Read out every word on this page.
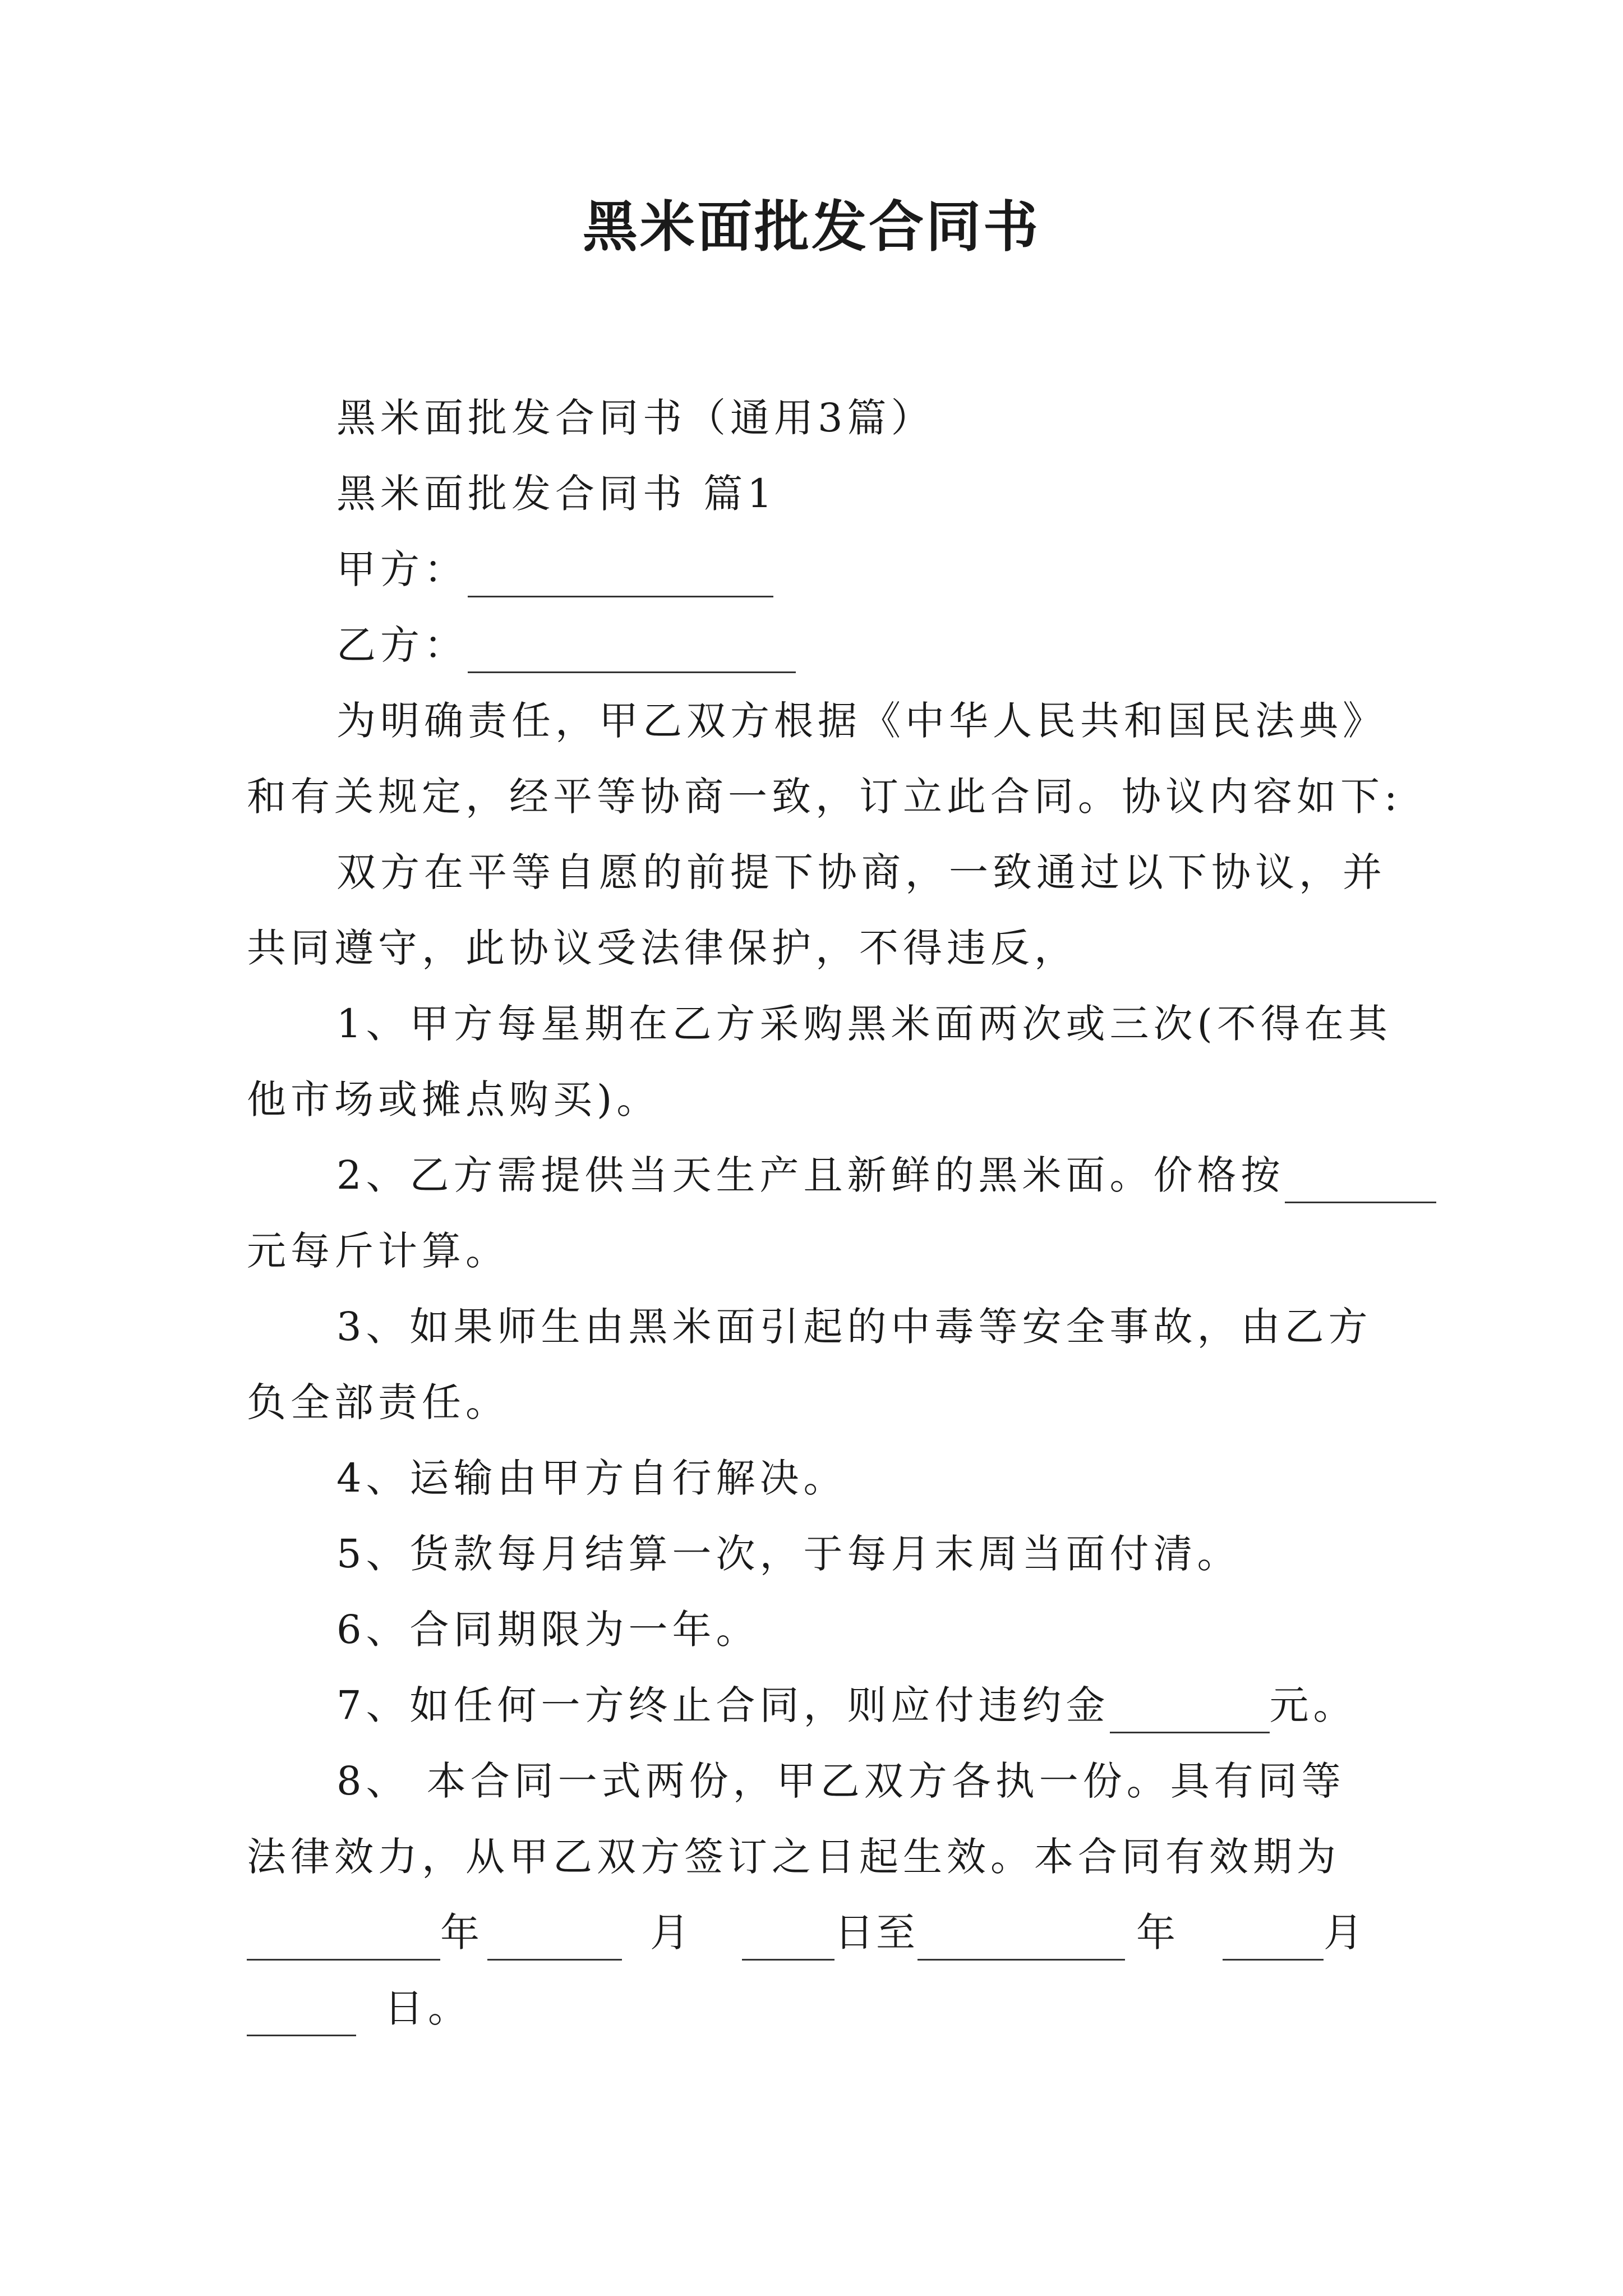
黑米面批发合同书
黑米面批发合同书（通用3篇）
黑米面批发合同书 篇1
甲方：
乙方：
为明确责任，甲乙双方根据《中华人民共和国民法典》
和有关规定，经平等协商一致，订立此合同。协议内容如下:
双方在平等自愿的前提下协商，一致通过以下协议，并
共同遵守，此协议受法律保护，不得违反，
1、甲方每星期在乙方采购黑米面两次或三次(不得在其
他市场或摊点购买)。
2、乙方需提供当天生产且新鲜的黑米面。价格按
元每斤计算。
3、如果师生由黑米面引起的中毒等安全事故，由乙方
负全部责任。
4、运输由甲方自行解决。
5、货款每月结算一次，于每月末周当面付清。
6、合同期限为一年。
7、如任何一方终止合同，则应付违约金	元。
8、 本合同一式两份，甲乙双方各执一份。具有同等
法律效力，从甲乙双方签订之日起生效。本合同有效期为
年	月	日至	年	月
日。
